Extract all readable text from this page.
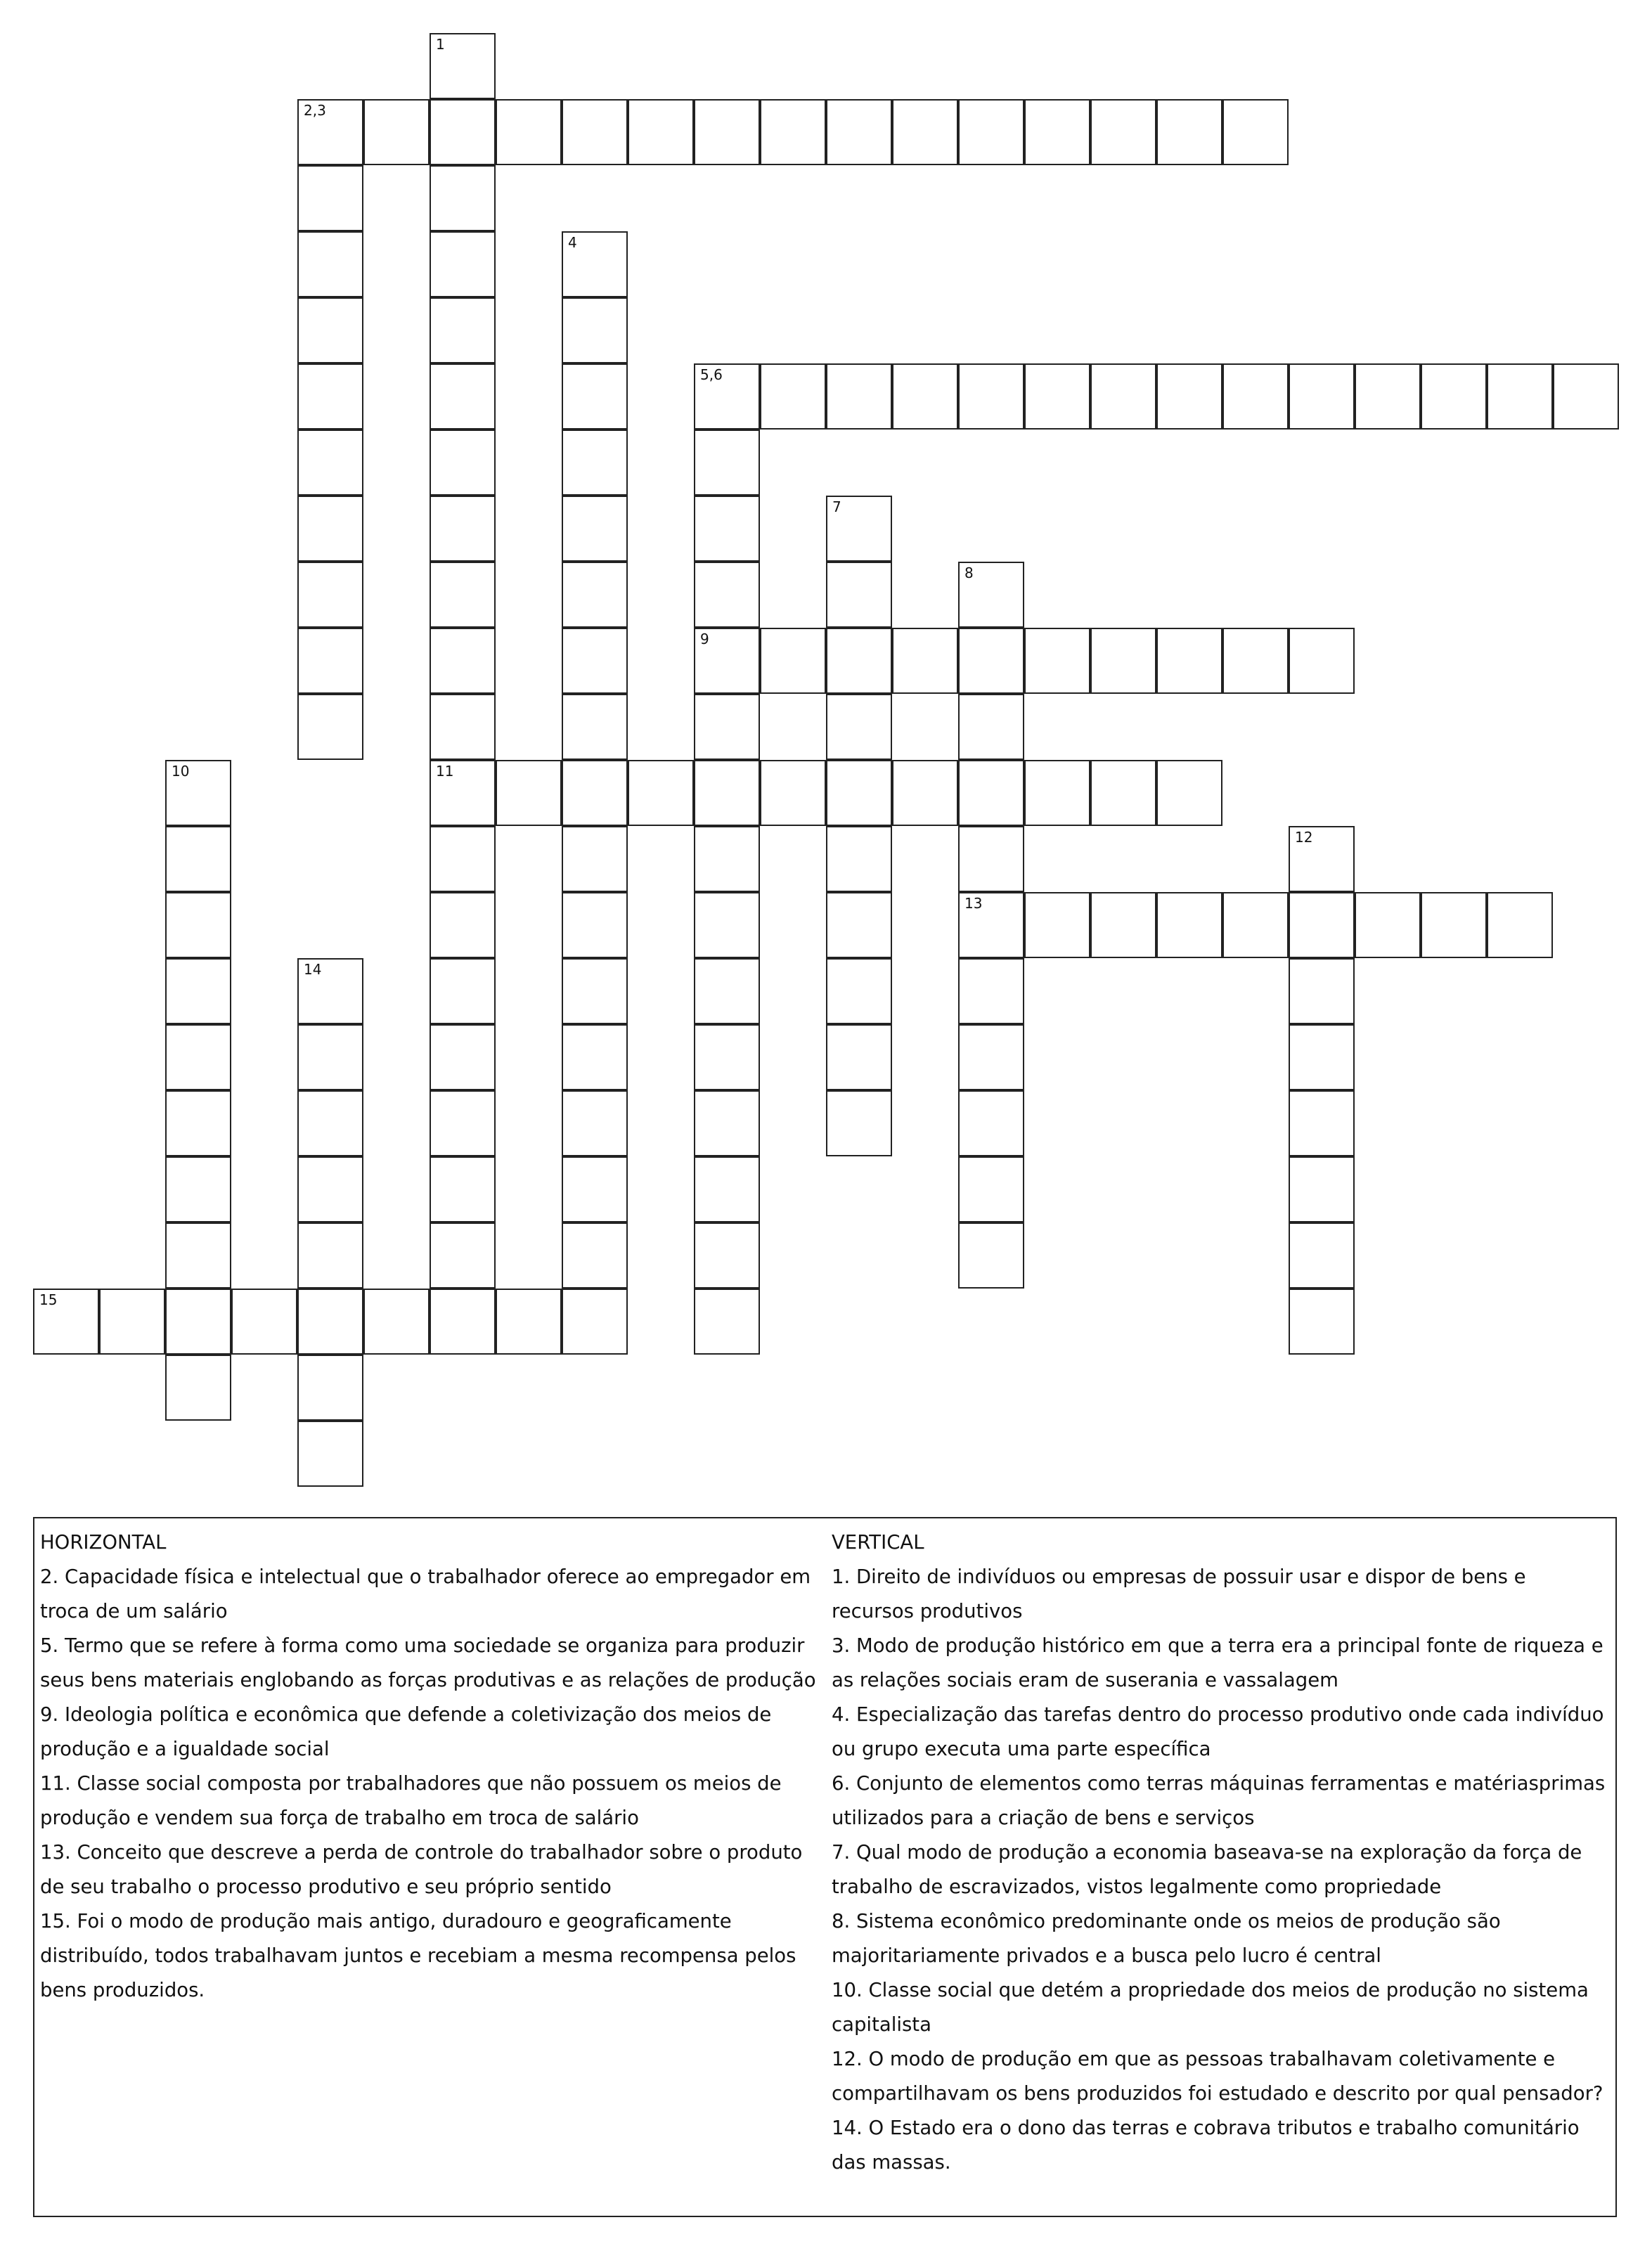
1
11
2,3
4
5,6
9
7
8
13
10
12
14
15
HORIZONTAL
2. Capacidade física e intelectual que o trabalhador oferece ao empregador em troca de um salário
5. Termo que se refere à forma como uma sociedade se organiza para produzir seus bens materiais englobando as forças produtivas e as relações de produção
9. Ideologia política e econômica que defende a coletivização dos meios de produção e a igualdade social
11. Classe social composta por trabalhadores que não possuem os meios de produção e vendem sua força de trabalho em troca de salário
13. Conceito que descreve a perda de controle do trabalhador sobre o produto de seu trabalho o processo produtivo e seu próprio sentido
15. Foi o modo de produção mais antigo, duradouro e geograficamente distribuído, todos trabalhavam juntos e recebiam a mesma recompensa pelos bens produzidos.
VERTICAL
1. Direito de indivíduos ou empresas de possuir usar e dispor de bens e recursos produtivos
3. Modo de produção histórico em que a terra era a principal fonte de riqueza e as relações sociais eram de suserania e vassalagem
4. Especialização das tarefas dentro do processo produtivo onde cada indivíduo ou grupo executa uma parte específica
6. Conjunto de elementos como terras máquinas ferramentas e matériasprimas utilizados para a criação de bens e serviços
7. Qual modo de produção a economia baseava-se na exploração da força de trabalho de escravizados, vistos legalmente como propriedade
8. Sistema econômico predominante onde os meios de produção são majoritariamente privados e a busca pelo lucro é central
10. Classe social que detém a propriedade dos meios de produção no sistema capitalista
12. O modo de produção em que as pessoas trabalhavam coletivamente e compartilhavam os bens produzidos foi estudado e descrito por qual pensador?
14. O Estado era o dono das terras e cobrava tributos e trabalho comunitário das massas.
